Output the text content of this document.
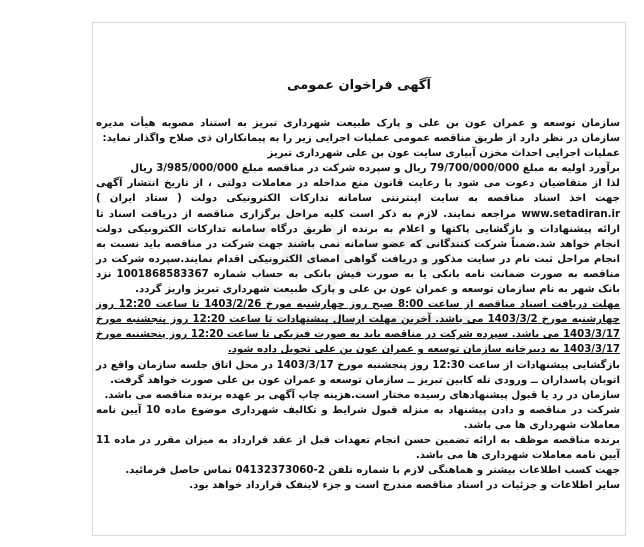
آگهی فراخوان عمومی

سازمان توسعه و عمران عون بن علی و پارک طبیعت شهرداری تبریز به استناد مصوبه هیأت مدیره سازمان در نظر دارد از طریق مناقصه عمومی عملیات اجرایی زیر را به پیمانکاران ذی صلاح واگذار نماید:

عملیات اجرایی احداث مخزن آبیاری سایت عون بن علی شهرداری تبریز

برآورد اولیه به مبلغ 79/700/000/000 ریال و سپرده شرکت در مناقصه مبلغ 3/985/000/000 ریال

لذا از متقاضیان دعوت می شود با رعایت قانون منع مداخله در معاملات دولتی ، از تاریخ انتشار آگهی جهت اخذ اسناد مناقصه به سایت اینترنتی سامانه تدارکات الکترونیکی دولت ( ستاد ایران ) www.setadiran.ir مراجعه نمایند. لازم به ذکر است کلیه مراحل برگزاری مناقصه از دریافت اسناد تا ارائه پیشنهادات و بازگشایی پاکتها و اعلام به برنده از طریق درگاه سامانه تدارکات الکترونیکی دولت انجام خواهد شد.ضمناً شرکت کنندگانی که عضو سامانه نمی باشند جهت شرکت در مناقصه باید نسبت به انجام مراحل ثبت نام در سایت مذکور و دریافت گواهی امضای الکترونیکی اقدام نمایند.سپرده شرکت در مناقصه به صورت ضمانت نامه بانکی یا به صورت فیش بانکی به حساب شماره 1001868583367 نزد بانک شهر به نام سازمان توسعه و عمران عون بن علی و پارک طبیعت شهرداری تبریز واریز گردد.

مهلت دریافت اسناد مناقصه از ساعت 8:00 صبح روز چهارشنبه مورخ 1403/2/26 تا ساعت 12:20 روز چهارشنبه مورخ 1403/3/2 می باشد. آخرین مهلت ارسال پیشنهادات تا ساعت 12:20 روز پنجشنبه مورخ 1403/3/17 می باشد. سپرده شرکت در مناقصه باید به صورت فیزیکی تا ساعت 12:20 روز پنجشنبه مورخ 1403/3/17 به دبیرخانه سازمان توسعه و عمران عون بن علی تحویل داده شود.

بازگشایی پیشنهادات از ساعت 12:30 روز پنجشنبه مورخ 1403/3/17 در محل اتاق جلسه سازمان واقع در اتوبان پاسداران ــ ورودی تله کابین تبریز ــ سازمان توسعه و عمران عون بن علی صورت خواهد گرفت.

سازمان در رد یا قبول پیشنهادهای رسیده مختار است.هزینه چاپ آگهی بر عهده برنده مناقصه می باشد.

شرکت در مناقصه و دادن پیشنهاد به منزله قبول شرایط و تکالیف شهرداری موضوع ماده 10 آیین نامه معاملات شهرداری ها می باشد.

برنده مناقصه موظف به ارائه تضمین حسن انجام تعهدات قبل از عقد قرارداد به میزان مقرر در ماده 11 آیین نامه معاملات شهرداری ها می باشد.

جهت کسب اطلاعات بیشتر و هماهنگی لازم با شماره تلفن 2-04132373060 تماس حاصل فرمائید.

سایر اطلاعات و جزئیات در اسناد مناقصه مندرج است و جزء لاینفک قرارداد خواهد بود.
